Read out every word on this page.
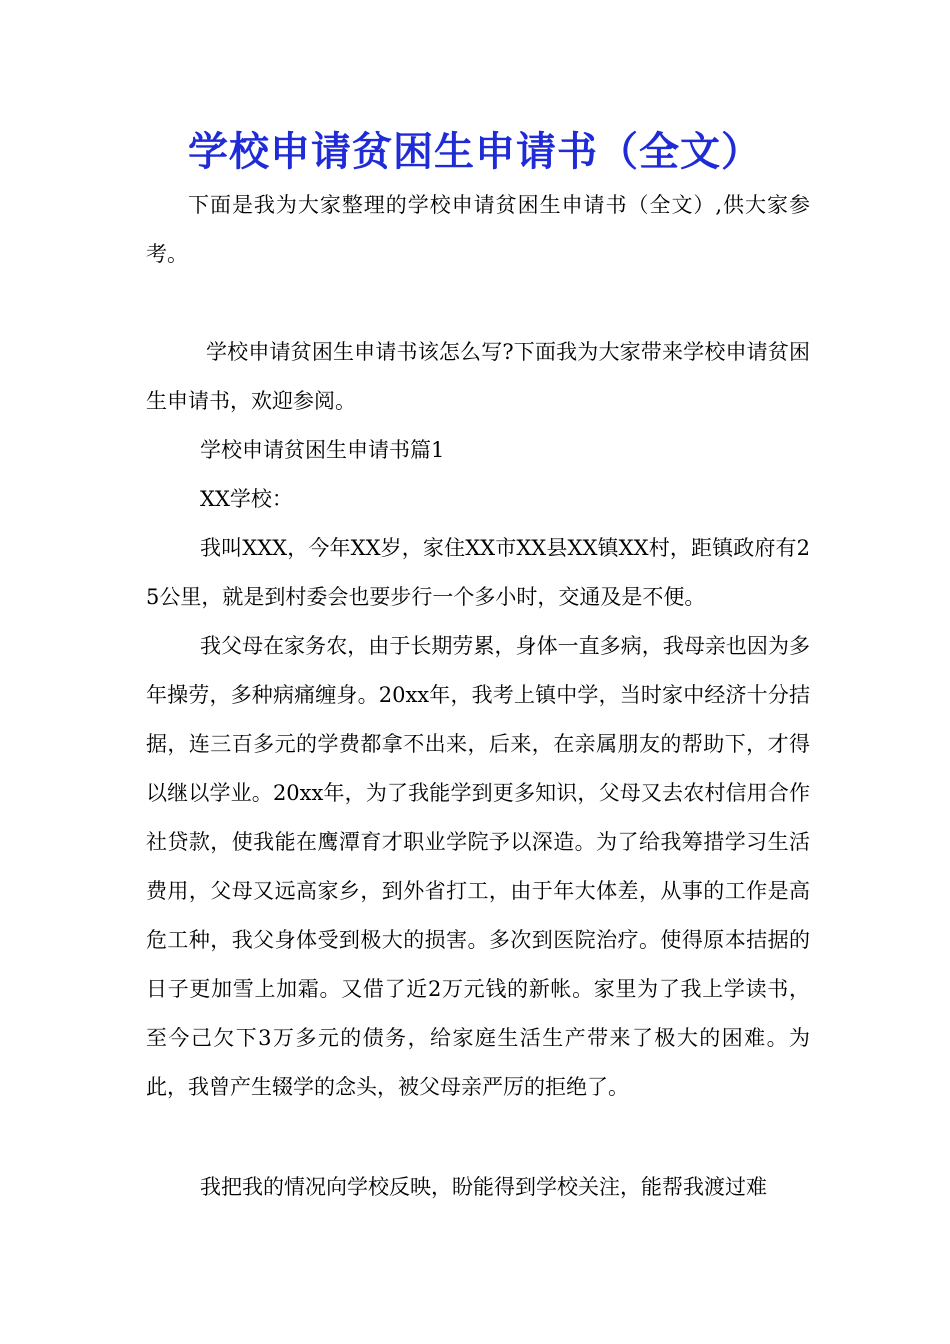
学校申请贫困生申请书（全文）

下面是我为大家整理的学校申请贫困生申请书（全文）,供大家参考。

学校申请贫困生申请书该怎么写?下面我为大家带来学校申请贫困生申请书，欢迎参阅。

学校申请贫困生申请书篇1

XX学校：

我叫XXX，今年XX岁，家住XX市XX县XX镇XX村，距镇政府有25公里，就是到村委会也要步行一个多小时，交通及是不便。

我父母在家务农，由于长期劳累，身体一直多病，我母亲也因为多年操劳，多种病痛缠身。20xx年，我考上镇中学，当时家中经济十分拮据，连三百多元的学费都拿不出来，后来，在亲属朋友的帮助下，才得以继以学业。20xx年，为了我能学到更多知识，父母又去农村信用合作社贷款，使我能在鹰潭育才职业学院予以深造。为了给我筹措学习生活费用，父母又远高家乡，到外省打工，由于年大体差，从事的工作是高危工种，我父身体受到极大的损害。多次到医院治疗。使得原本拮据的日子更加雪上加霜。又借了近2万元钱的新帐。家里为了我上学读书，至今己欠下3万多元的债务，给家庭生活生产带来了极大的困难。为此，我曾产生辍学的念头，被父母亲严厉的拒绝了。

我把我的情况向学校反映，盼能得到学校关注，能帮我渡过难
